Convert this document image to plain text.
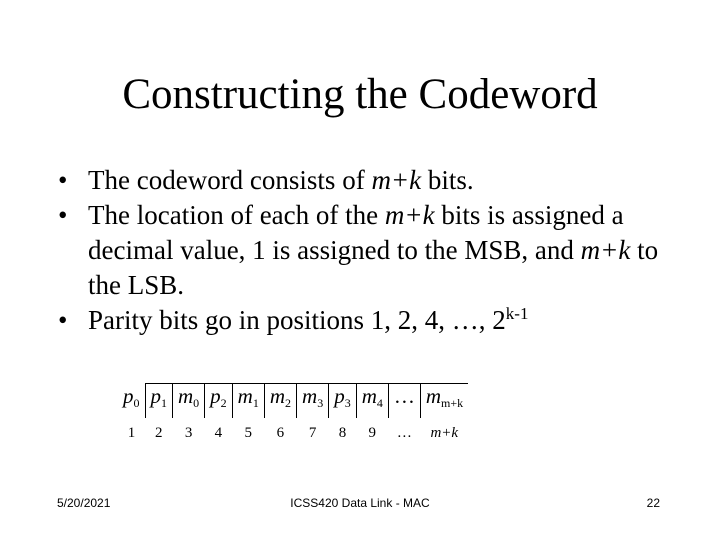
Constructing the Codeword
• The codeword consists of m+k bits.
• The location of each of the m+k bits is assigned a decimal value, 1 is assigned to the MSB, and m+k to the LSB.
• Parity bits go in positions 1, 2, 4, …, 2$^{k-1}$
$p_0$	$p_1$	$m_0$	$p_2$	$m_1$	$m_2$	$m_3$	$p_3$	$m_4$	…	$m_{m+k}$
1	2	3	4	5	6	7	8	9	…	m+k
5/20/2021	ICSS420 Data Link - MAC	22
